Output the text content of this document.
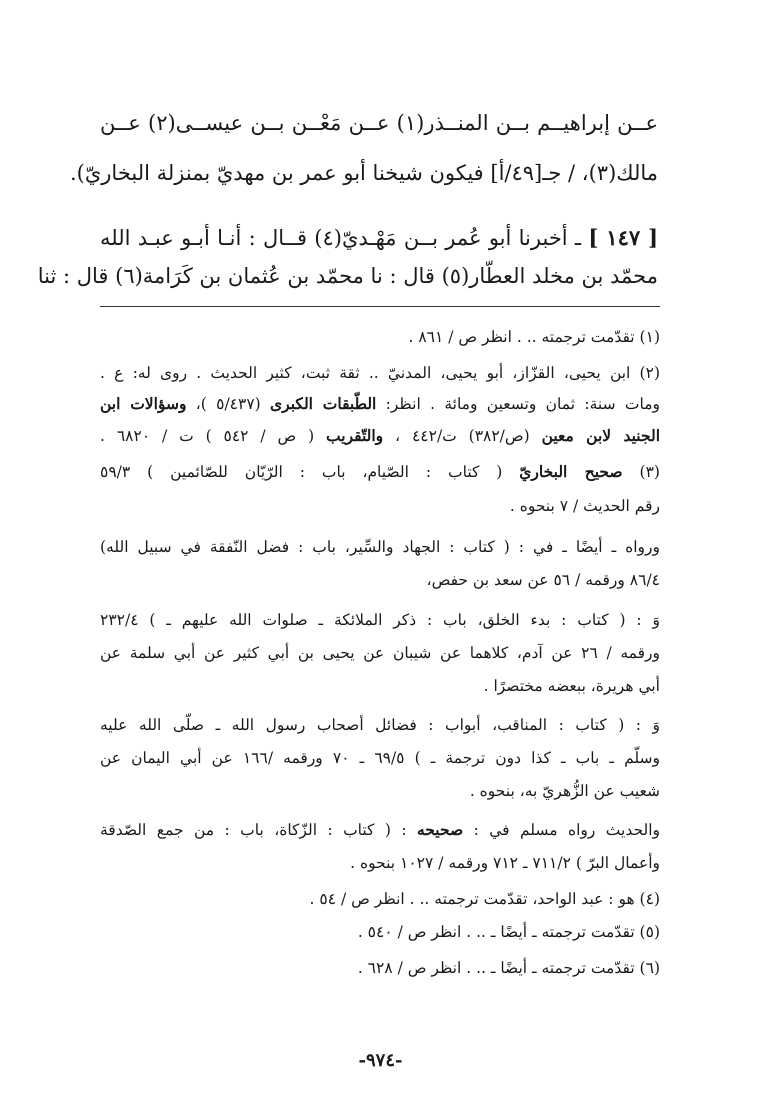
عــن إبراهيــم بــن المنــذر(١) عــن مَعْــن بــن عيســى(٢) عــن
مالك(٣)، / جـ[٤٩/أ] فيكون شيخنا أبو عمر بن مهديّ بمنزلة البخاريّ).
[ ١٤٧ ] ـ أخبرنا أبو عُمر بــن مَهْـديّ(٤) قــال : أنـا أبـو عبـد الله
محمّد بن مخلد العطّار(٥) قال : نا محمّد بن عُثمان بن كَرَامة(٦) قال : ثنا
(١) تقدّمت ترجمته .. . انظر ص / ٨٦١ .
(٢) ابن يحيى، القزّاز، أبو يحيى، المدنيّ .. ثقة ثبت، كثير الحديث . روى له: ع .
ومات سنة: ثمان وتسعين ومائة . انظر: الطّبقات الكبرى (٥/٤٣٧ )، وسؤالات ابن
الجنيد لابن معين (ص/٣٨٢) ت/٤٤٢ ، والتّقريب ( ص / ٥٤٢ ) ت / ٦٨٢٠ .
(٣) صحيح البخاريّ ( كتاب : الصّيام، باب : الرّيّان للصّائمين ) ٥٩/٣
رقم الحديث / ٧ بنحوه .
ورواه ـ أيضًا ـ في : ( كتاب : الجهاد والسِّير، باب : فضل النّفقة في سبيل الله)
٨٦/٤ ورقمه / ٥٦ عن سعد بن حفص،
وَ : ( كتاب : بدء الخلق، باب : ذكر الملائكة ـ صلوات الله عليهم ـ ) ٢٣٢/٤
ورقمه / ٢٦ عن آدم، كلاهما عن شيبان عن يحيى بن أبي كثير عن أبي سلمة عن
أبي هريرة، ببعضه مختصرًا .
وَ : ( كتاب : المناقب، أبواب : فضائل أصحاب رسول الله ـ صلّى الله عليه
وسلّم ـ باب ـ كذا دون ترجمة ـ ) ٦٩/٥ ـ ٧٠ ورقمه /١٦٦ عن أبي اليمان عن
شعيب عن الزُّهريّ به، بنحوه .
والحديث رواه مسلم في : صحيحه : ( كتاب : الزّكاة، باب : من جمع الصّدقة
وأعمال البرّ ) ٧١١/٢ ـ ٧١٢ ورقمه / ١٠٢٧ بنحوه .
(٤) هو : عبد الواحد، تقدّمت ترجمته .. . انظر ص / ٥٤ .
(٥) تقدّمت ترجمته ـ أيضًا ـ .. . انظر ص / ٥٤٠ .
(٦) تقدّمت ترجمته ـ أيضًا ـ .. . انظر ص / ٦٢٨ .
-٩٧٤-
